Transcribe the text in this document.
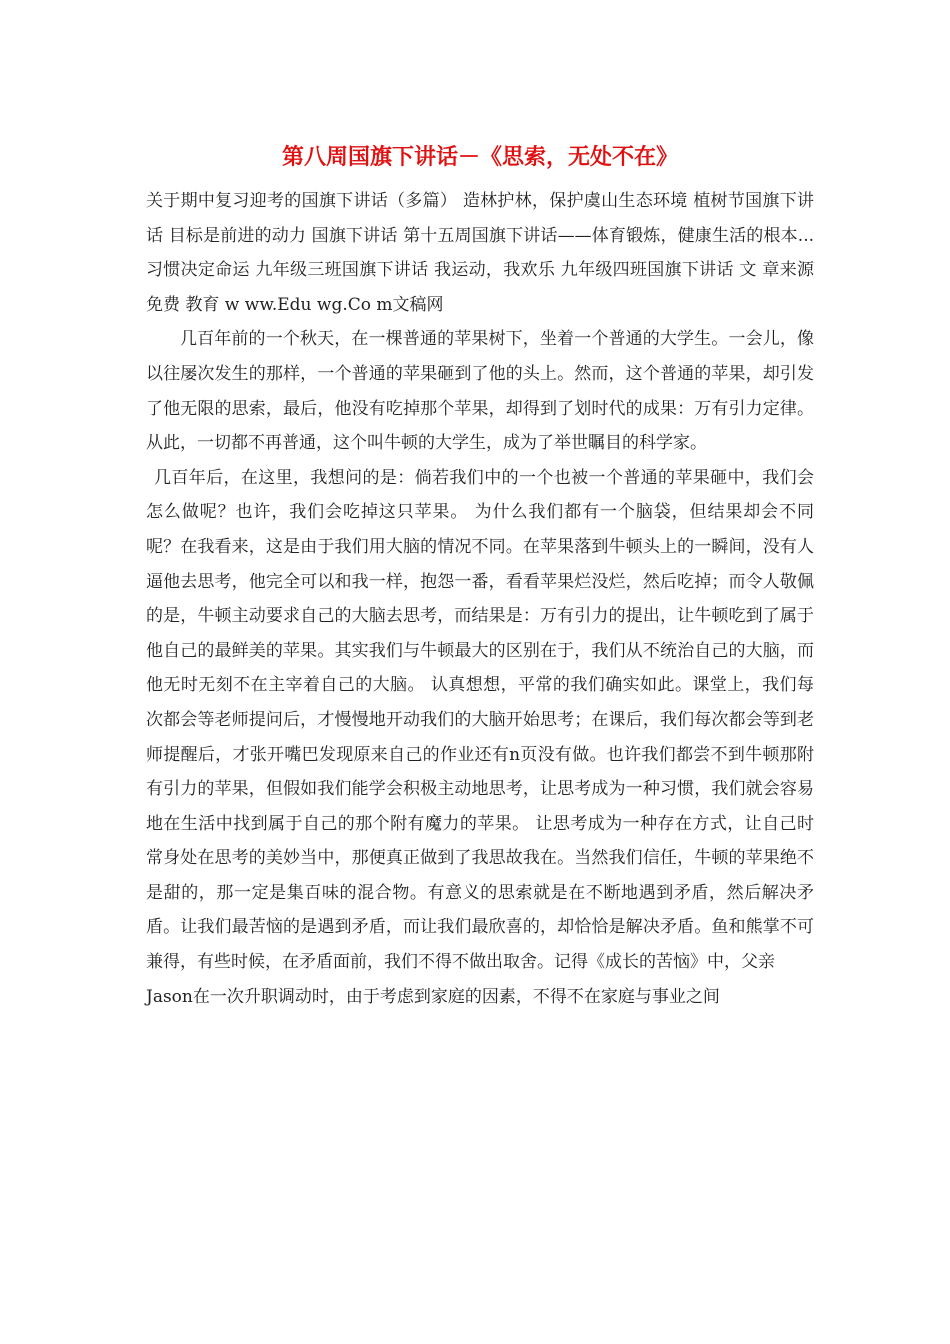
第八周国旗下讲话－《思索，无处不在》

关于期中复习迎考的国旗下讲话（多篇） 造林护林，保护虞山生态环境 植树节国旗下讲话 目标是前进的动力 国旗下讲话 第十五周国旗下讲话——体育锻炼，健康生活的根本... 习惯决定命运 九年级三班国旗下讲话 我运动，我欢乐 九年级四班国旗下讲话 文 章来源免费 教育 w ww.Edu wg.Co m文稿网

几百年前的一个秋天，在一棵普通的苹果树下，坐着一个普通的大学生。一会儿，像以往屡次发生的那样，一个普通的苹果砸到了他的头上。然而，这个普通的苹果，却引发了他无限的思索，最后，他没有吃掉那个苹果，却得到了划时代的成果：万有引力定律。从此，一切都不再普通，这个叫牛顿的大学生，成为了举世瞩目的科学家。

几百年后，在这里，我想问的是：倘若我们中的一个也被一个普通的苹果砸中，我们会怎么做呢？也许，我们会吃掉这只苹果。 为什么我们都有一个脑袋，但结果却会不同呢？在我看来，这是由于我们用大脑的情况不同。在苹果落到牛顿头上的一瞬间，没有人逼他去思考，他完全可以和我一样，抱怨一番，看看苹果烂没烂，然后吃掉；而令人敬佩的是，牛顿主动要求自己的大脑去思考，而结果是：万有引力的提出，让牛顿吃到了属于他自己的最鲜美的苹果。其实我们与牛顿最大的区别在于，我们从不统治自己的大脑，而他无时无刻不在主宰着自己的大脑。 认真想想，平常的我们确实如此。课堂上，我们每次都会等老师提问后，才慢慢地开动我们的大脑开始思考；在课后，我们每次都会等到老师提醒后，才张开嘴巴发现原来自己的作业还有n页没有做。也许我们都尝不到牛顿那附有引力的苹果，但假如我们能学会积极主动地思考，让思考成为一种习惯，我们就会容易地在生活中找到属于自己的那个附有魔力的苹果。 让思考成为一种存在方式，让自己时常身处在思考的美妙当中，那便真正做到了我思故我在。当然我们信任，牛顿的苹果绝不是甜的，那一定是集百味的混合物。有意义的思索就是在不断地遇到矛盾，然后解决矛盾。让我们最苦恼的是遇到矛盾，而让我们最欣喜的，却恰恰是解决矛盾。鱼和熊掌不可兼得，有些时候，在矛盾面前，我们不得不做出取舍。记得《成长的苦恼》中，父亲

Jason在一次升职调动时，由于考虑到家庭的因素，不得不在家庭与事业之间
